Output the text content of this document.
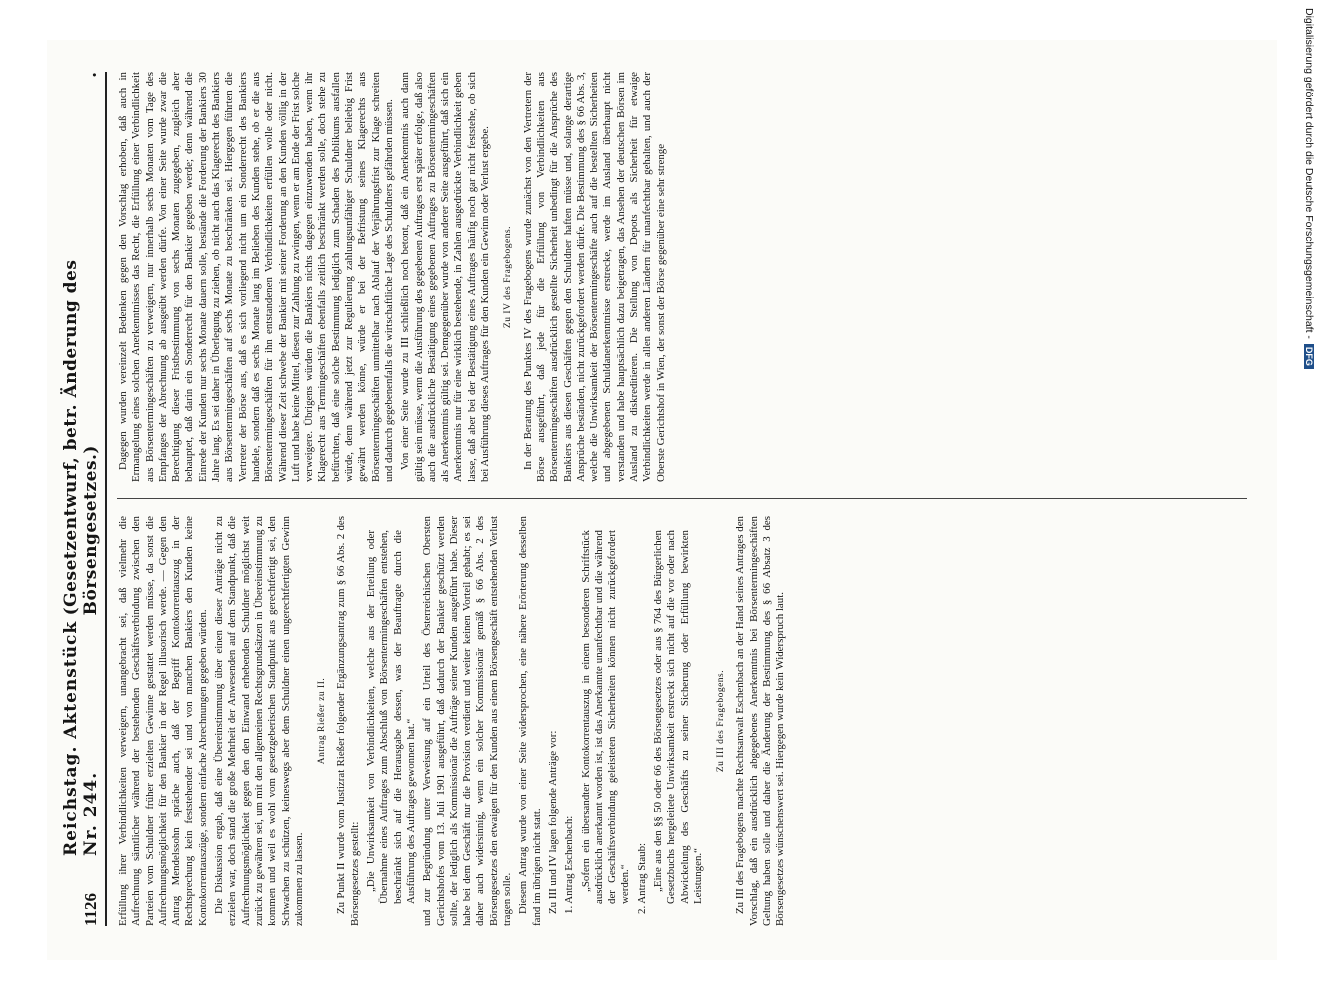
1126
Reichstag. Aktenstück Nr. 244.
(Gesetzentwurf, betr. Änderung des Börsengesetzes.)
.

Erfüllung ihrer Verbindlichkeiten verweigern, unangebracht sei, daß vielmehr die Aufrechnung sämtlicher während der bestehenden Geschäftsverbindung zwischen den Parteien vom Schuldner früher erzielten Gewinne gestattet werden müsse, da sonst die Aufrechnungsmöglichkeit für den Bankier in der Regel illusorisch werde. — Gegen den Antrag Mendelssohn spräche auch, daß der Begriff Kontokorrentauszug in der Rechtsprechung kein feststehender sei und von manchen Bankiers den Kunden keine Kontokorrentauszüge, sondern einfache Abrechnungen gegeben würden. Die Diskussion ergab, daß eine Übereinstimmung über einen dieser Anträge nicht zu erzielen war, doch stand die große Mehrheit der Anwesenden auf dem Standpunkt, daß die Aufrechnungsmöglichkeit gegen den den Einwand erhebenden Schuldner möglichst weit zurück zu gewähren sei, um mit den allgemeinen Rechtsgrundsätzen in Übereinstimmung zu kommen und weil es wohl vom gesetzgeberischen Standpunkt aus gerechtfertigt sei, den Schwachen zu schützen, keineswegs aber dem Schuldner einen ungerechtfertigten Gewinn zukommen zu lassen.

Antrag Rießer zu II. Zu Punkt II wurde vom Justizrat Rießer folgender Ergänzungsantrag zum § 66 Abs. 2 des Börsengesetzes gestellt: „Die Unwirksamkeit von Verbindlichkeiten, welche aus der Erteilung oder Übernahme eines Auftrages zum Abschluß von Börsentermingeschäften entstehen, beschränkt sich auf die Herausgabe dessen, was der Beauftragte durch die Ausführung des Auftrages gewonnen hat.“ und zur Begründung unter Verweisung auf ein Urteil des Österreichischen Obersten Gerichtshofes vom 13. Juli 1901 ausgeführt, daß dadurch der Bankier geschützt werden sollte, der lediglich als Kommissionär die Aufträge seiner Kunden ausgeführt habe. Dieser habe bei dem Geschäft nur die Provision verdient und weiter keinen Vorteil gehabt; es sei daher auch widersinnig, wenn ein solcher Kommissionär gemäß § 66 Abs. 2 des Börsengesetzes den etwaigen für den Kunden aus einem Börsengeschäft entstehenden Verlust tragen solle. Diesem Antrag wurde von einer Seite widersprochen, eine nähere Erörterung desselben fand im übrigen nicht statt. Zu III und IV lagen folgende Anträge vor: 1. Antrag Eschenbach: „Sofern ein übersandter Kontokorrentauszug in einem besonderen Schriftstück ausdrücklich anerkannt worden ist, ist das Anerkannte unanfechtbar und die während der Geschäftsverbindung geleisteten Sicherheiten können nicht zurückgefordert werden.“ 2. Antrag Staub: „Eine aus den §§ 50 oder 66 des Börsengesetzes oder aus § 764 des Bürgerlichen Gesetzbuchs hergeleitete Unwirksamkeit erstreckt sich nicht auf die vor oder nach Abwickelung des Geschäfts zu seiner Sicherung oder Erfüllung bewirkten Leistungen.“

Zu III des Fragebogens. Zu III des Fragebogens machte Rechtsanwalt Eschenbach an der Hand seines Antrages den Vorschlag, daß ein ausdrücklich abgegebenes Anerkenntnis bei Börsentermingeschäften Geltung haben solle und daher die Änderung der Bestimmung des § 66 Absatz 3 des Börsengesetzes wünschenswert sei. Hiergegen wurde kein Widerspruch laut.

Dagegen wurden vereinzelt Bedenken gegen den Vorschlag erhoben, daß auch in Ermangelung eines solchen Anerkenntnisses das Recht, die Erfüllung einer Verbindlichkeit aus Börsentermingeschäften zu verweigern, nur innerhalb sechs Monaten vom Tage des Empfanges der Abrechnung ab ausgeübt werden dürfe. Von einer Seite wurde zwar die Berechtigung dieser Fristbestimmung von sechs Monaten zugegeben, zugleich aber behauptet, daß darin ein Sonderrecht für den Bankier gegeben werde; denn während die Einrede der Kunden nur sechs Monate dauern solle, bestände die Forderung der Bankiers 30 Jahre lang. Es sei daher in Überlegung zu ziehen, ob nicht auch das Klagerecht des Bankiers aus Börsentermingeschäften auf sechs Monate zu beschränken sei. Hiergegen führten die Vertreter der Börse aus, daß es sich vorliegend nicht um ein Sonderrecht des Bankiers handele, sondern daß es sechs Monate lang im Belieben des Kunden stehe, ob er die aus Börsentermingeschäften für ihn entstandenen Verbindlichkeiten erfüllen wolle oder nicht. Während dieser Zeit schwebe der Bankier mit seiner Forderung an den Kunden völlig in der Luft und habe keine Mittel, diesen zur Zahlung zu zwingen, wenn er am Ende der Frist solche verweigere. Übrigens würden die Bankiers nichts dagegen einzuwenden haben, wenn ihr Klagerecht aus Termingeschäften ebenfalls zeitlich beschränkt werden solle, doch stehe zu befürchten, daß eine solche Bestimmung lediglich zum Schaden des Publikums ausfallen würde, denn während jetzt zur Regulierung zahlungsunfähiger Schuldner beliebig Frist gewährt werden könne, würde er bei der Befristung seines Klagerechts aus Börsentermingeschäften unmittelbar nach Ablauf der Verjährungsfrist zur Klage schreiten und dadurch gegebenenfalls die wirtschaftliche Lage des Schuldners gefährden müssen. Von einer Seite wurde zu III schließlich noch betont, daß ein Anerkenntnis auch dann gültig sein müsse, wenn die Ausführung des gegebenen Auftrages erst später erfolge, daß also auch die ausdrückliche Bestätigung eines gegebenen Auftrages zu Börsentermingeschäften als Anerkenntnis gültig sei. Demgegenüber wurde von anderer Seite ausgeführt, daß sich ein Anerkenntnis nur für eine wirklich bestehende, in Zahlen ausgedrückte Verbindlichkeit geben lasse, daß aber bei der Bestätigung eines Auftrages häufig noch gar nicht feststehe, ob sich bei Ausführung dieses Auftrages für den Kunden ein Gewinn oder Verlust ergebe. Zu IV des Fragebogens. In der Beratung des Punktes IV des Fragebogens wurde zunächst von den Vertretern der Börse ausgeführt, daß jede für die Erfüllung von Verbindlichkeiten aus Börsentermingeschäften ausdrücklich gestellte Sicherheit unbedingt für die Ansprüche des Bankiers aus diesen Geschäften gegen den Schuldner haften müsse und, solange derartige Ansprüche beständen, nicht zurückgefordert werden dürfe. Die Bestimmung des § 66 Abs. 3, welche die Unwirksamkeit der Börsentermingeschäfte auch auf die bestellten Sicherheiten und abgegebenen Schuldanerkenntnisse erstrecke, werde im Ausland überhaupt nicht verstanden und habe hauptsächlich dazu beigetragen, das Ansehen der deutschen Börsen im Ausland zu diskreditieren. Die Stellung von Depots als Sicherheit für etwaige Verbindlichkeiten werde in allen anderen Ländern für unanfechtbar gehalten, und auch der Oberste Gerichtshof in Wien, der sonst der Börse gegenüber eine sehr strenge	Digitalisierung gefördert durch die Deutsche Forschungsgemeinschaft -DFG
